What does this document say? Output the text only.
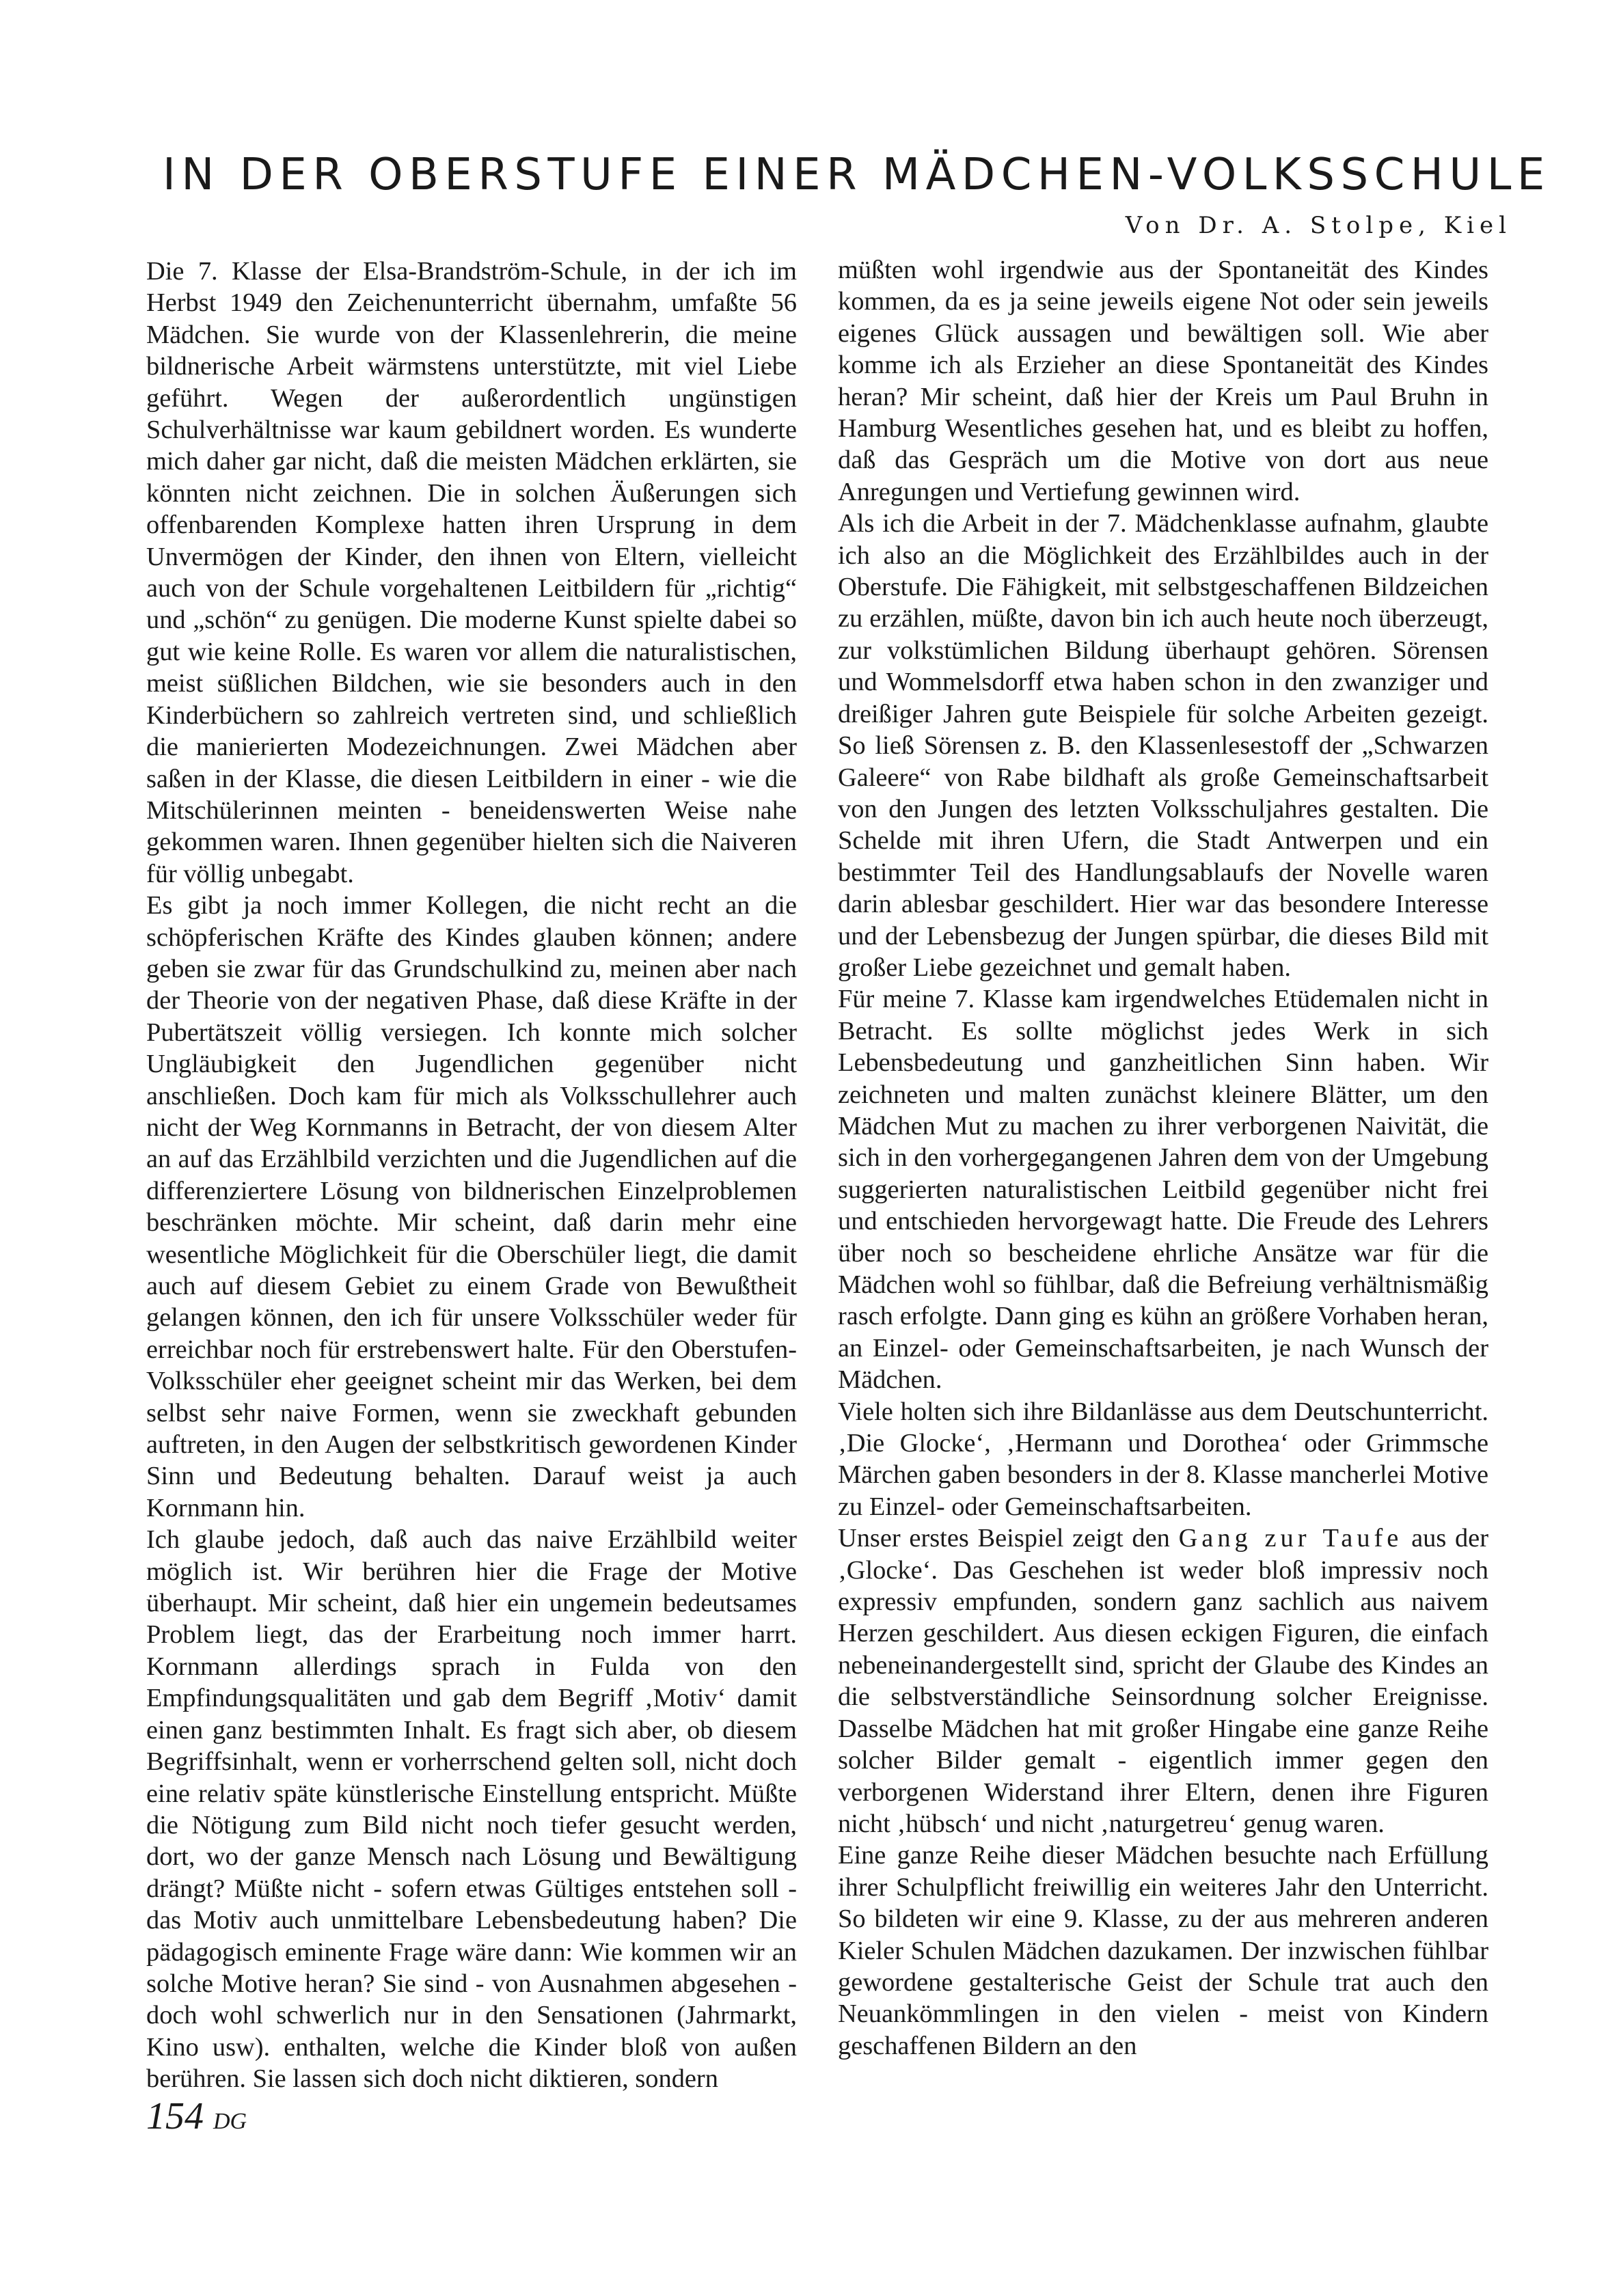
IN DER OBERSTUFE EINER MÄDCHEN-VOLKSSCHULE
Von Dr. A. Stolpe, Kiel

Die 7. Klasse der Elsa-Brandström-Schule, in der ich im Herbst 1949 den Zeichenunterricht übernahm, umfaßte 56 Mädchen. Sie wurde von der Klassenlehrerin, die meine bildnerische Arbeit wärmstens unterstützte, mit viel Liebe geführt. Wegen der außerordentlich ungünstigen Schulverhältnisse war kaum gebildnert worden. Es wunderte mich daher gar nicht, daß die meisten Mädchen erklärten, sie könnten nicht zeichnen. Die in solchen Äußerungen sich offenbarenden Komplexe hatten ihren Ursprung in dem Unvermögen der Kinder, den ihnen von Eltern, vielleicht auch von der Schule vorgehaltenen Leitbildern für „richtig“ und „schön“ zu genügen. Die moderne Kunst spielte dabei so gut wie keine Rolle. Es waren vor allem die naturalistischen, meist süßlichen Bildchen, wie sie besonders auch in den Kinderbüchern so zahlreich vertreten sind, und schließlich die manierierten Modezeichnungen. Zwei Mädchen aber saßen in der Klasse, die diesen Leitbildern in einer - wie die Mitschülerinnen meinten - beneidenswerten Weise nahe gekommen waren. Ihnen gegenüber hielten sich die Naiveren für völlig unbegabt.

Es gibt ja noch immer Kollegen, die nicht recht an die schöpferischen Kräfte des Kindes glauben können; andere geben sie zwar für das Grundschulkind zu, meinen aber nach der Theorie von der negativen Phase, daß diese Kräfte in der Pubertätszeit völlig versiegen. Ich konnte mich solcher Ungläubigkeit den Jugendlichen gegenüber nicht anschließen. Doch kam für mich als Volksschullehrer auch nicht der Weg Kornmanns in Betracht, der von diesem Alter an auf das Erzählbild verzichten und die Jugendlichen auf die differenziertere Lösung von bildnerischen Einzelproblemen beschränken möchte. Mir scheint, daß darin mehr eine wesentliche Möglichkeit für die Oberschüler liegt, die damit auch auf diesem Gebiet zu einem Grade von Bewußtheit gelangen können, den ich für unsere Volksschüler weder für erreichbar noch für erstrebenswert halte. Für den Oberstufen-Volksschüler eher geeignet scheint mir das Werken, bei dem selbst sehr naive Formen, wenn sie zweckhaft gebunden auftreten, in den Augen der selbstkritisch gewordenen Kinder Sinn und Bedeutung behalten. Darauf weist ja auch Kornmann hin.

Ich glaube jedoch, daß auch das naive Erzählbild weiter möglich ist. Wir berühren hier die Frage der Motive überhaupt. Mir scheint, daß hier ein ungemein bedeutsames Problem liegt, das der Erarbeitung noch immer harrt. Kornmann allerdings sprach in Fulda von den Empfindungsqualitäten und gab dem Begriff ‚Motiv‘ damit einen ganz bestimmten Inhalt. Es fragt sich aber, ob diesem Begriffsinhalt, wenn er vorherrschend gelten soll, nicht doch eine relativ späte künstlerische Einstellung entspricht. Müßte die Nötigung zum Bild nicht noch tiefer gesucht werden, dort, wo der ganze Mensch nach Lösung und Bewältigung drängt? Müßte nicht - sofern etwas Gültiges entstehen soll - das Motiv auch unmittelbare Lebensbedeutung haben? Die pädagogisch eminente Frage wäre dann: Wie kommen wir an solche Motive heran? Sie sind - von Ausnahmen abgesehen - doch wohl schwerlich nur in den Sensationen (Jahrmarkt, Kino usw). enthalten, welche die Kinder bloß von außen berühren. Sie lassen sich doch nicht diktieren, sondern

müßten wohl irgendwie aus der Spontaneität des Kindes kommen, da es ja seine jeweils eigene Not oder sein jeweils eigenes Glück aussagen und bewältigen soll. Wie aber komme ich als Erzieher an diese Spontaneität des Kindes heran? Mir scheint, daß hier der Kreis um Paul Bruhn in Hamburg Wesentliches gesehen hat, und es bleibt zu hoffen, daß das Gespräch um die Motive von dort aus neue Anregungen und Vertiefung gewinnen wird.

Als ich die Arbeit in der 7. Mädchenklasse aufnahm, glaubte ich also an die Möglichkeit des Erzählbildes auch in der Oberstufe. Die Fähigkeit, mit selbstgeschaffenen Bildzeichen zu erzählen, müßte, davon bin ich auch heute noch überzeugt, zur volkstümlichen Bildung überhaupt gehören. Sörensen und Wommelsdorff etwa haben schon in den zwanziger und dreißiger Jahren gute Beispiele für solche Arbeiten gezeigt. So ließ Sörensen z. B. den Klassenlesestoff der „Schwarzen Galeere“ von Rabe bildhaft als große Gemeinschaftsarbeit von den Jungen des letzten Volksschuljahres gestalten. Die Schelde mit ihren Ufern, die Stadt Antwerpen und ein bestimmter Teil des Handlungsablaufs der Novelle waren darin ablesbar geschildert. Hier war das besondere Interesse und der Lebensbezug der Jungen spürbar, die dieses Bild mit großer Liebe gezeichnet und gemalt haben.

Für meine 7. Klasse kam irgendwelches Etüdemalen nicht in Betracht. Es sollte möglichst jedes Werk in sich Lebensbedeutung und ganzheitlichen Sinn haben. Wir zeichneten und malten zunächst kleinere Blätter, um den Mädchen Mut zu machen zu ihrer verborgenen Naivität, die sich in den vorhergegangenen Jahren dem von der Umgebung suggerierten naturalistischen Leitbild gegenüber nicht frei und entschieden hervorgewagt hatte. Die Freude des Lehrers über noch so bescheidene ehrliche Ansätze war für die Mädchen wohl so fühlbar, daß die Befreiung verhältnismäßig rasch erfolgte. Dann ging es kühn an größere Vorhaben heran, an Einzel- oder Gemeinschaftsarbeiten, je nach Wunsch der Mädchen.

Viele holten sich ihre Bildanlässe aus dem Deutschunterricht. ‚Die Glocke‘, ‚Hermann und Dorothea‘ oder Grimmsche Märchen gaben besonders in der 8. Klasse mancherlei Motive zu Einzel- oder Gemeinschaftsarbeiten.

Unser erstes Beispiel zeigt den Gang zur Taufe aus der ‚Glocke‘. Das Geschehen ist weder bloß impressiv noch expressiv empfunden, sondern ganz sachlich aus naivem Herzen geschildert. Aus diesen eckigen Figuren, die einfach nebeneinandergestellt sind, spricht der Glaube des Kindes an die selbstverständliche Seinsordnung solcher Ereignisse. Dasselbe Mädchen hat mit großer Hingabe eine ganze Reihe solcher Bilder gemalt - eigentlich immer gegen den verborgenen Widerstand ihrer Eltern, denen ihre Figuren nicht ‚hübsch‘ und nicht ‚naturgetreu‘ genug waren.

Eine ganze Reihe dieser Mädchen besuchte nach Erfüllung ihrer Schulpflicht freiwillig ein weiteres Jahr den Unterricht. So bildeten wir eine 9. Klasse, zu der aus mehreren anderen Kieler Schulen Mädchen dazukamen. Der inzwischen fühlbar gewordene gestalterische Geist der Schule trat auch den Neuankömmlingen in den vielen - meist von Kindern geschaffenen Bildern an den

154 DG
